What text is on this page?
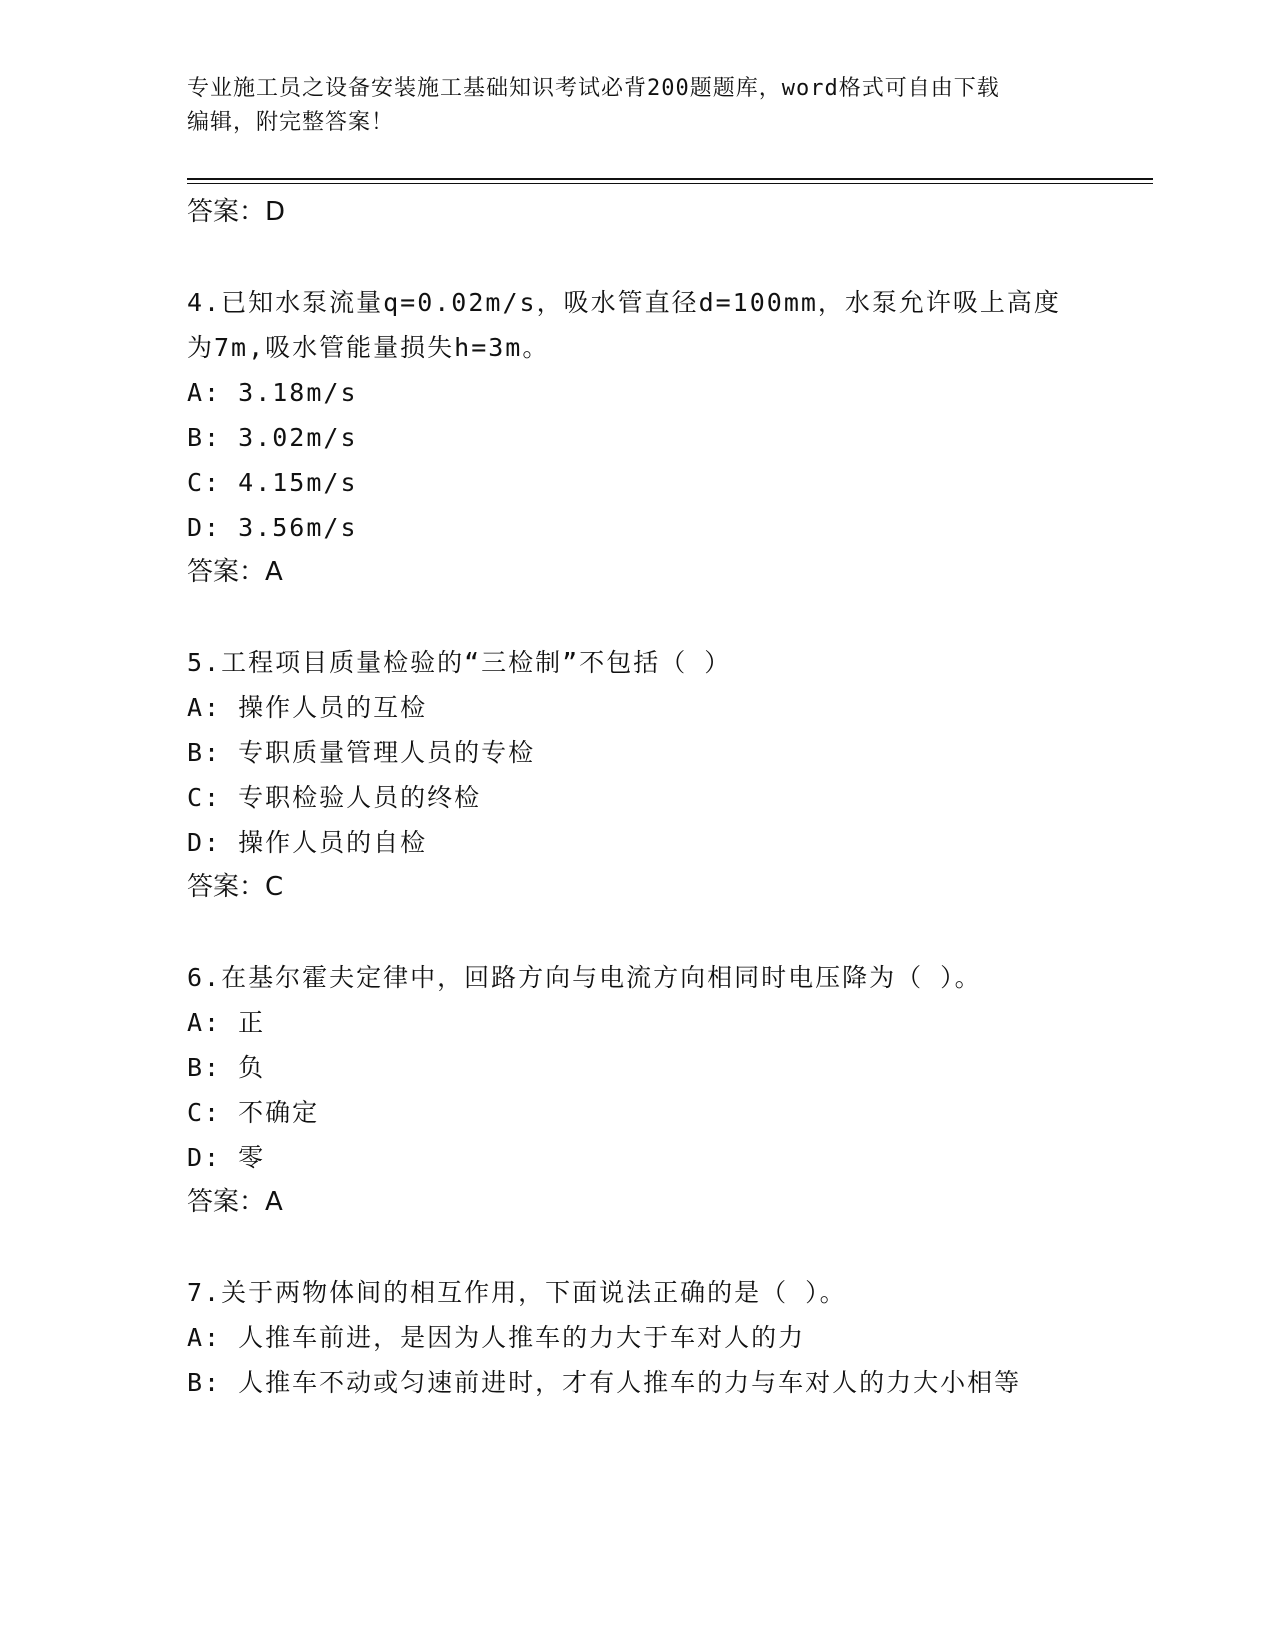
专业施工员之设备安装施工基础知识考试必背200题题库，word格式可自由下载
编辑，附完整答案！

答案：D

4.已知水泵流量q=0.02m/s，吸水管直径d=100mm，水泵允许吸上高度

为7m,吸水管能量损失h=3m。

A: 3.18m/s

B: 3.02m/s

C: 4.15m/s

D: 3.56m/s

答案：A

5.工程项目质量检验的“三检制”不包括（ ）

A: 操作人员的互检

B: 专职质量管理人员的专检

C: 专职检验人员的终检

D: 操作人员的自检

答案：C

6.在基尔霍夫定律中，回路方向与电流方向相同时电压降为（ ）。

A: 正

B: 负

C: 不确定

D: 零

答案：A

7.关于两物体间的相互作用，下面说法正确的是（ ）。

A: 人推车前进，是因为人推车的力大于车对人的力

B: 人推车不动或匀速前进时，才有人推车的力与车对人的力大小相等
